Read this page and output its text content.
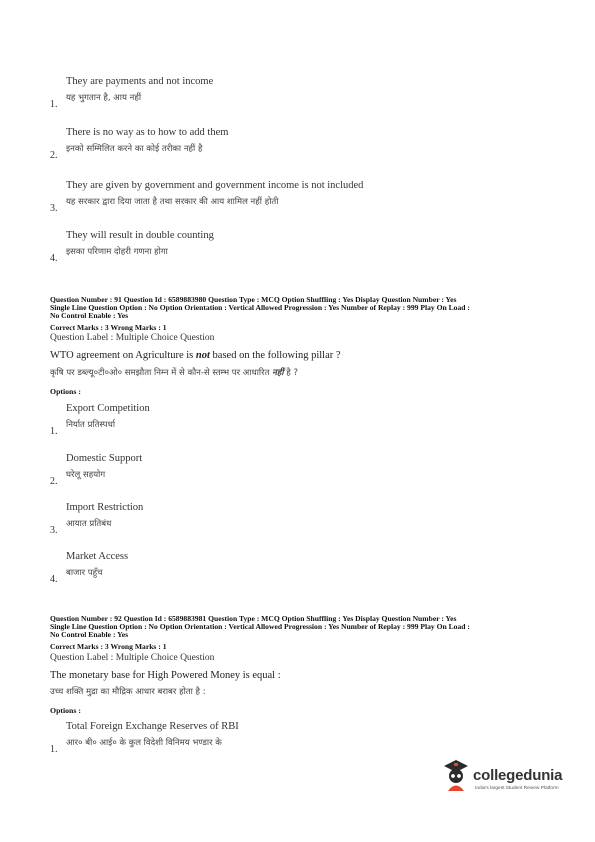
They are payments and not income
यह भुगतान है, आय नहीं
1.
There is no way as to how to add them
इनको सम्मिलित करने का कोई तरीका नहीं है
2.
They are given by government and government income is not included
यह सरकार द्वारा दिया जाता है तथा सरकार की आय शामिल नहीं होती
3.
They will result in double counting
इसका परिणाम दोहरी गणना होगा
4.
Question Number : 91 Question Id : 6589883980 Question Type : MCQ Option Shuffling : Yes Display Question Number : Yes
Single Line Question Option : No Option Orientation : Vertical Allowed Progression : Yes Number of Replay : 999 Play On Load :
No Control Enable : Yes
Correct Marks : 3 Wrong Marks : 1
Question Label : Multiple Choice Question
WTO agreement on Agriculture is not based on the following pillar ?
कृषि पर डब्ल्यू०टी०ओ० समझौता निम्न में से कौन-से स्तम्भ पर आधारित नहीं है ?
Options :
Export Competition
निर्यात प्रतिस्पर्धा
1.
Domestic Support
घरेलू सहयोग
2.
Import Restriction
आयात प्रतिबंध
3.
Market Access
बाजार पहुँच
4.
Question Number : 92 Question Id : 6589883981 Question Type : MCQ Option Shuffling : Yes Display Question Number : Yes
Single Line Question Option : No Option Orientation : Vertical Allowed Progression : Yes Number of Replay : 999 Play On Load :
No Control Enable : Yes
Correct Marks : 3 Wrong Marks : 1
Question Label : Multiple Choice Question
The monetary base for High Powered Money is equal :
उच्च शक्ति मुद्रा का मौद्रिक आधार बराबर होता है :
Options :
Total Foreign Exchange Reserves of RBI
आर० बी० आई० के कुल विदेशी विनिमय भण्डार के
1.
collegedunia
India's largest Student Review Platform
